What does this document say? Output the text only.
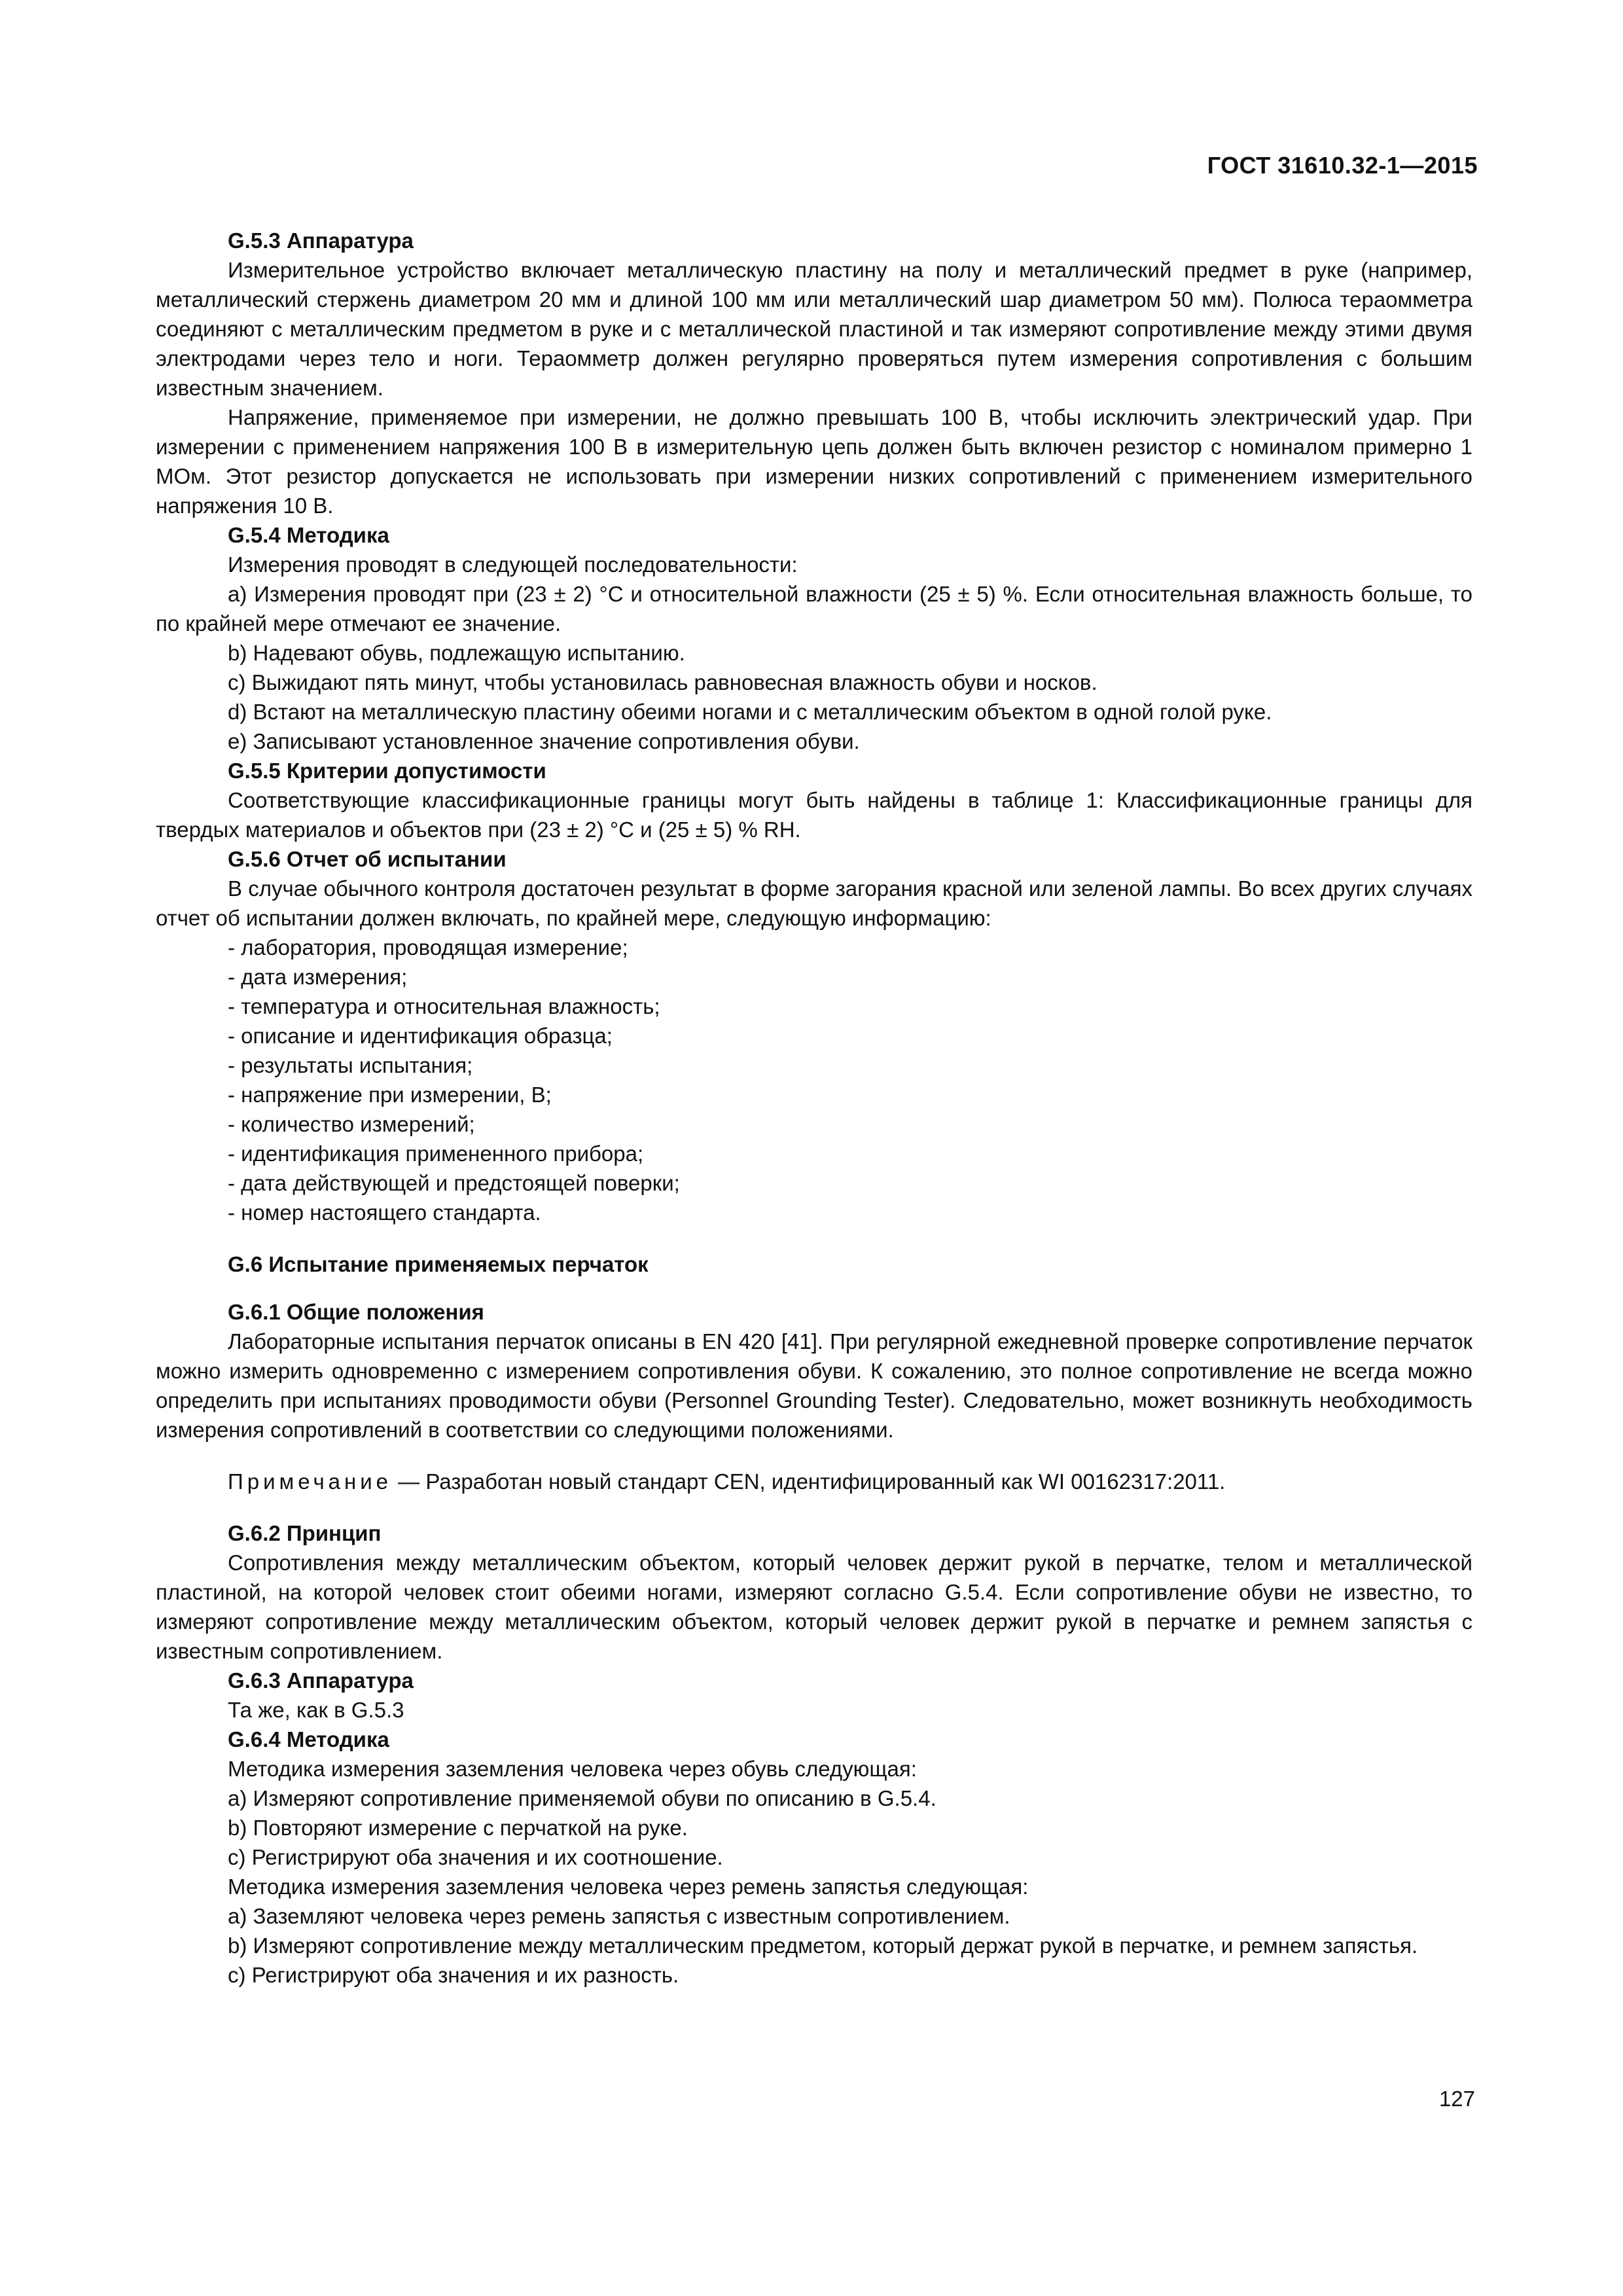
ГОСТ 31610.32-1—2015
G.5.3 Аппаратура

Измерительное устройство включает металлическую пластину на полу и металлический предмет в руке (например, металлический стержень диаметром 20 мм и длиной 100 мм или металлический шар диаметром 50 мм). Полюса тераомметра соединяют с металлическим предметом в руке и с металлической пластиной и так измеряют сопротивление между этими двумя электродами через тело и ноги. Тераомметр должен регулярно проверяться путем измерения сопротивления с большим известным значением.

Напряжение, применяемое при измерении, не должно превышать 100 В, чтобы исключить электрический удар. При измерении с применением напряжения 100 В в измерительную цепь должен быть включен резистор с номиналом примерно 1 МОм. Этот резистор допускается не использовать при измерении низких сопротивлений с применением измерительного напряжения 10 В.

G.5.4 Методика

Измерения проводят в следующей последовательности:

а) Измерения проводят при (23 ± 2) °С и относительной влажности (25 ± 5) %. Если относительная влажность больше, то по крайней мере отмечают ее значение.

b) Надевают обувь, подлежащую испытанию.

c) Выжидают пять минут, чтобы установилась равновесная влажность обуви и носков.

d) Встают на металлическую пластину обеими ногами и с металлическим объектом в одной голой руке.

e) Записывают установленное значение сопротивления обуви.

G.5.5 Критерии допустимости

Соответствующие классификационные границы могут быть найдены в таблице 1: Классификационные границы для твердых материалов и объектов при (23 ± 2) °С и (25 ± 5) % RH.

G.5.6 Отчет об испытании

В случае обычного контроля достаточен результат в форме загорания красной или зеленой лампы. Во всех других случаях отчет об испытании должен включать, по крайней мере, следующую информацию:

- лаборатория, проводящая измерение;
- дата измерения;
- температура и относительная влажность;
- описание и идентификация образца;
- результаты испытания;
- напряжение при измерении, В;
- количество измерений;
- идентификация примененного прибора;
- дата действующей и предстоящей поверки;
- номер настоящего стандарта.
G.6 Испытание применяемых перчаток
G.6.1 Общие положения

Лабораторные испытания перчаток описаны в EN 420 [41]. При регулярной ежедневной проверке сопротивление перчаток можно измерить одновременно с измерением сопротивления обуви. К сожалению, это полное сопротивление не всегда можно определить при испытаниях проводимости обуви (Personnel Grounding Tester). Следовательно, может возникнуть необходимость измерения сопротивлений в соответствии со следующими положениями.

Примечание — Разработан новый стандарт CEN, идентифицированный как WI 00162317:2011.

G.6.2 Принцип

Сопротивления между металлическим объектом, который человек держит рукой в перчатке, телом и металлической пластиной, на которой человек стоит обеими ногами, измеряют согласно G.5.4. Если сопротивление обуви не известно, то измеряют сопротивление между металлическим объектом, который человек держит рукой в перчатке и ремнем запястья с известным сопротивлением.

G.6.3 Аппаратура

Та же, как в G.5.3

G.6.4 Методика

Методика измерения заземления человека через обувь следующая:

а) Измеряют сопротивление применяемой обуви по описанию в G.5.4.

b) Повторяют измерение с перчаткой на руке.

c) Регистрируют оба значения и их соотношение.

Методика измерения заземления человека через ремень запястья следующая:

а) Заземляют человека через ремень запястья с известным сопротивлением.

b) Измеряют сопротивление между металлическим предметом, который держат рукой в перчатке, и ремнем запястья.

c) Регистрируют оба значения и их разность.

127
